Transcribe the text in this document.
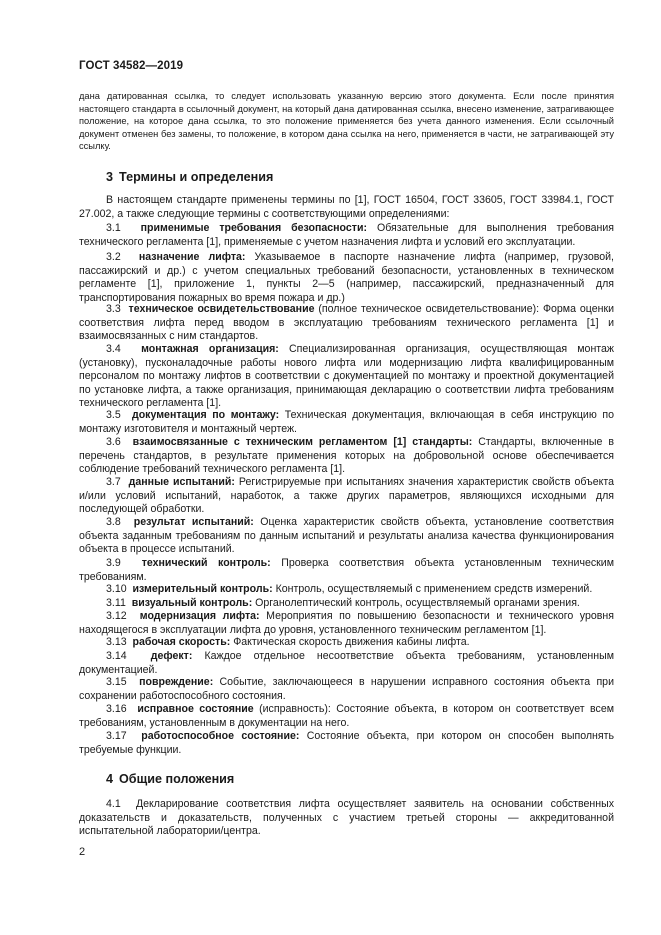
ГОСТ 34582—2019
дана датированная ссылка, то следует использовать указанную версию этого документа. Если после принятия настоящего стандарта в ссылочный документ, на который дана датированная ссылка, внесено изменение, затрагивающее положение, на которое дана ссылка, то это положение применяется без учета данного изменения. Если ссылочный документ отменен без замены, то положение, в котором дана ссылка на него, применяется в части, не затрагивающей эту ссылку.
3 Термины и определения
В настоящем стандарте применены термины по [1], ГОСТ 16504, ГОСТ 33605, ГОСТ 33984.1, ГОСТ 27.002, а также следующие термины с соответствующими определениями:
3.1 применимые требования безопасности: Обязательные для выполнения требования технического регламента [1], применяемые с учетом назначения лифта и условий его эксплуатации.
3.2 назначение лифта: Указываемое в паспорте назначение лифта (например, грузовой, пассажирский и др.) с учетом специальных требований безопасности, установленных в техническом регламенте [1], приложение 1, пункты 2—5 (например, пассажирский, предназначенный для транспортирования пожарных во время пожара и др.)
3.3 техническое освидетельствование (полное техническое освидетельствование): Форма оценки соответствия лифта перед вводом в эксплуатацию требованиям технического регламента [1] и взаимосвязанных с ним стандартов.
3.4 монтажная организация: Специализированная организация, осуществляющая монтаж (установку), пусконаладочные работы нового лифта или модернизацию лифта квалифицированным персоналом по монтажу лифтов в соответствии с документацией по монтажу и проектной документацией по установке лифта, а также организация, принимающая декларацию о соответствии лифта требованиям технического регламента [1].
3.5 документация по монтажу: Техническая документация, включающая в себя инструкцию по монтажу изготовителя и монтажный чертеж.
3.6 взаимосвязанные с техническим регламентом [1] стандарты: Стандарты, включенные в перечень стандартов, в результате применения которых на добровольной основе обеспечивается соблюдение требований технического регламента [1].
3.7 данные испытаний: Регистрируемые при испытаниях значения характеристик свойств объекта и/или условий испытаний, наработок, а также других параметров, являющихся исходными для последующей обработки.
3.8 результат испытаний: Оценка характеристик свойств объекта, установление соответствия объекта заданным требованиям по данным испытаний и результаты анализа качества функционирования объекта в процессе испытаний.
3.9 технический контроль: Проверка соответствия объекта установленным техническим требованиям.
3.10 измерительный контроль: Контроль, осуществляемый с применением средств измерений.
3.11 визуальный контроль: Органолептический контроль, осуществляемый органами зрения.
3.12 модернизация лифта: Мероприятия по повышению безопасности и технического уровня находящегося в эксплуатации лифта до уровня, установленного техническим регламентом [1].
3.13 рабочая скорость: Фактическая скорость движения кабины лифта.
3.14 дефект: Каждое отдельное несоответствие объекта требованиям, установленным документацией.
3.15 повреждение: Событие, заключающееся в нарушении исправного состояния объекта при сохранении работоспособного состояния.
3.16 исправное состояние (исправность): Состояние объекта, в котором он соответствует всем требованиям, установленным в документации на него.
3.17 работоспособное состояние: Состояние объекта, при котором он способен выполнять требуемые функции.
4 Общие положения
4.1 Декларирование соответствия лифта осуществляет заявитель на основании собственных доказательств и доказательств, полученных с участием третьей стороны — аккредитованной испытательной лаборатории/центра.
2
